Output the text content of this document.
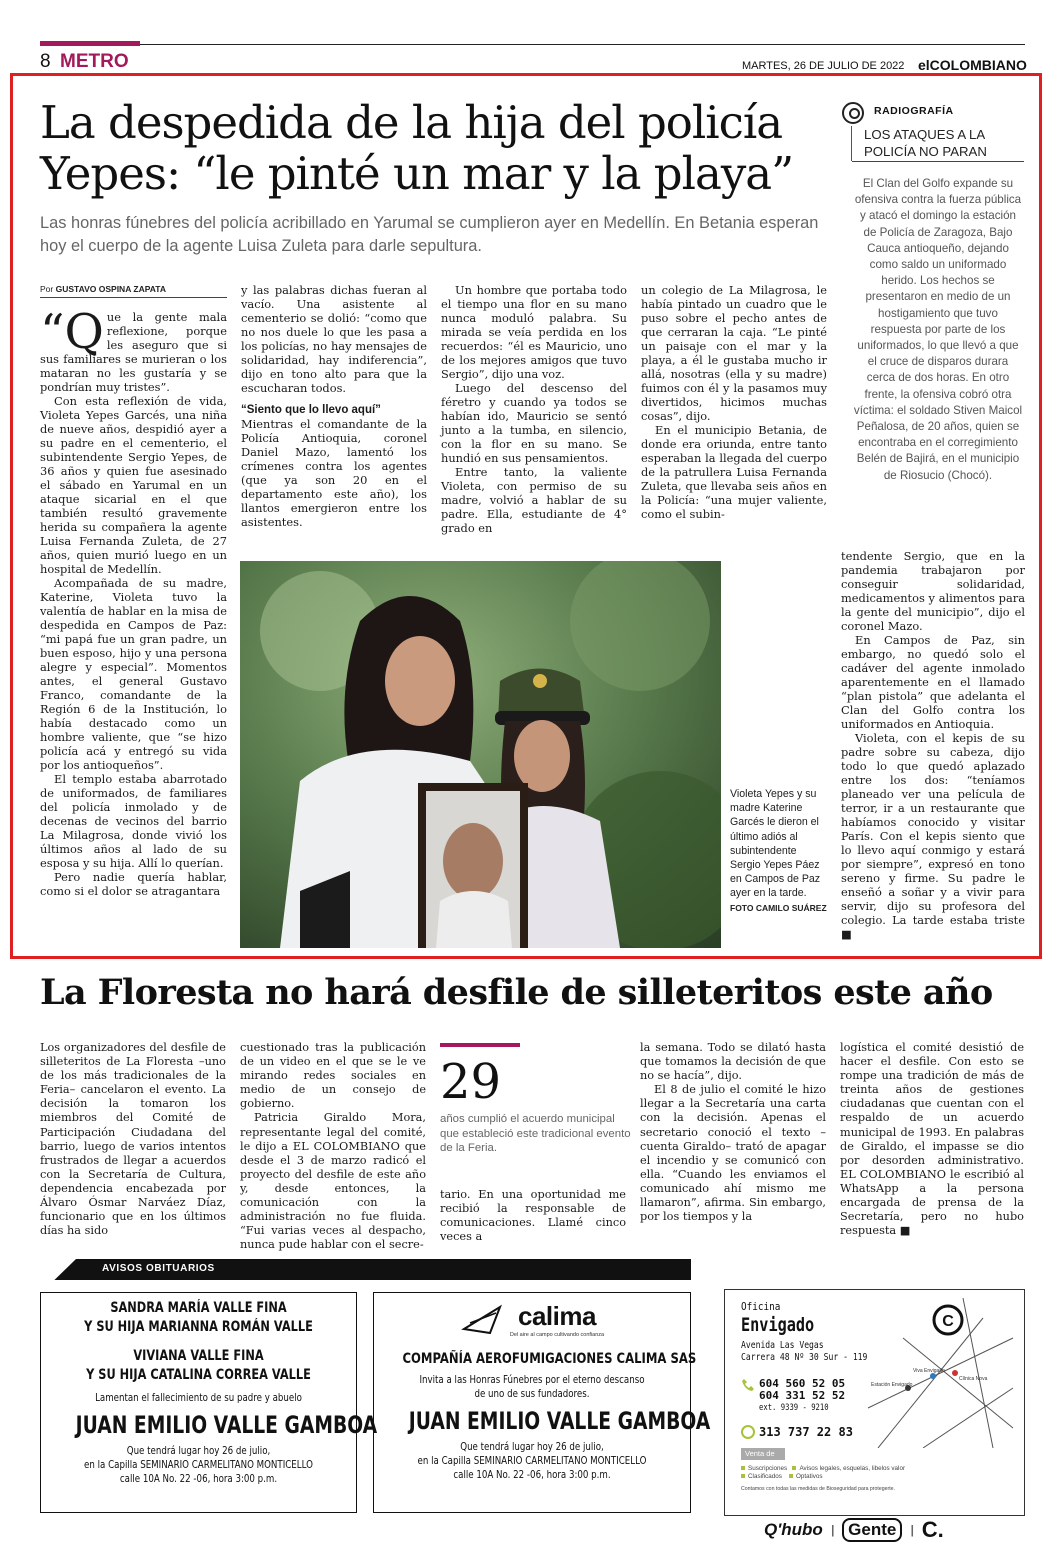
8 METRO	MARTES, 26 DE JULIO DE 2022 elCOLOMBIANO
La despedida de la hija del policía Yepes: “le pinté un mar y la playa”
Las honras fúnebres del policía acribillado en Yarumal se cumplieron ayer en Medellín. En Betania esperan hoy el cuerpo de la agente Luisa Zuleta para darle sepultura.
Por GUSTAVO OSPINA ZAPATA

“Que la gente mala reflexione, porque les aseguro que si sus familiares se murieran o los mataran no les gustaría y se pondrían muy tristes”.

Con esta reflexión de vida, Violeta Yepes Garcés, una niña de nueve años, despidió ayer a su padre en el cementerio, el subintendente Sergio Yepes, de 36 años y quien fue asesinado el sábado en Yarumal en un ataque sicarial en el que también resultó gravemente herida su compañera la agente Luisa Fernanda Zuleta, de 27 años, quien murió luego en un hospital de Medellín.

Acompañada de su madre, Katerine, Violeta tuvo la valentía de hablar en la misa de despedida en Campos de Paz: “mi papá fue un gran padre, un buen esposo, hijo y una persona alegre y especial”. Momentos antes, el general Gustavo Franco, comandante de la Región 6 de la Institución, lo había destacado como un hombre valiente, que “se hizo policía acá y entregó su vida por los antioqueños”.

El templo estaba abarrotado de uniformados, de familiares del policía inmolado y de decenas de vecinos del barrio La Milagrosa, donde vivió los últimos años al lado de su esposa y su hija. Allí lo querían.

Pero nadie quería hablar, como si el dolor se atragantara

y las palabras dichas fueran al vacío. Una asistente al cementerio se dolió: “como que no nos duele lo que les pasa a los policías, no hay mensajes de solidaridad, hay indiferencia”, dijo en tono alto para que la escucharan todos.

“Siento que lo llevo aquí”

Mientras el comandante de la Policía Antioquia, coronel Daniel Mazo, lamentó los crímenes contra los agentes (que ya son 20 en el departamento este año), los llantos emergieron entre los asistentes.

Un hombre que portaba todo el tiempo una flor en su mano nunca moduló palabra. Su mirada se veía perdida en los recuerdos: “él es Mauricio, uno de los mejores amigos que tuvo Sergio”, dijo una voz.

Luego del descenso del féretro y cuando ya todos se habían ido, Mauricio se sentó junto a la tumba, en silencio, con la flor en su mano. Se hundió en sus pensamientos.

Entre tanto, la valiente Violeta, con permiso de su madre, volvió a hablar de su padre. Ella, estudiante de 4° grado en

un colegio de La Milagrosa, le había pintado un cuadro que le puso sobre el pecho antes de que cerraran la caja. “Le pinté un paisaje con el mar y la playa, a él le gustaba mucho ir allá, nosotras (ella y su madre) fuimos con él y la pasamos muy divertidos, hicimos muchas cosas”, dijo.

En el municipio Betania, de donde era oriunda, entre tanto esperaban la llegada del cuerpo de la patrullera Luisa Fernanda Zuleta, que llevaba seis años en la Policía: “una mujer valiente, como el subin-

tendente Sergio, que en la pandemia trabajaron por conseguir solidaridad, medicamentos y alimentos para la gente del municipio”, dijo el coronel Mazo.

En Campos de Paz, sin embargo, no quedó solo el cadáver del agente inmolado aparentemente en el llamado “plan pistola” que adelanta el Clan del Golfo contra los uniformados en Antioquia.

Violeta, con el kepis de su padre sobre su cabeza, dijo todo lo que quedó aplazado entre los dos: “teníamos planeado ver una película de terror, ir a un restaurante que habíamos conocido y visitar París. Con el kepis siento que lo llevo aquí conmigo y estará por siempre”, expresó en tono sereno y firme. Su padre le enseñó a soñar y a vivir para servir, dijo su profesora del colegio. La tarde estaba triste ■

RADIOGRAFÍA
LOS ATAQUES A LA POLICÍA NO PARAN
El Clan del Golfo expande su ofensiva contra la fuerza pública y atacó el domingo la estación de Policía de Zaragoza, Bajo Cauca antioqueño, dejando como saldo un uniformado herido. Los hechos se presentaron en medio de un hostigamiento que tuvo respuesta por parte de los uniformados, lo que llevó a que el cruce de disparos durara cerca de dos horas. En otro frente, la ofensiva cobró otra víctima: el soldado Stiven Maicol Peñalosa, de 20 años, quien se encontraba en el corregimiento Belén de Bajirá, en el municipio de Riosucio (Chocó).
Violeta Yepes y su madre Katerine Garcés le dieron el último adiós al subintendente Sergio Yepes Páez en Campos de Paz ayer en la tarde. FOTO CAMILO SUÁREZ
La Floresta no hará desfile de silleteritos este año

Los organizadores del desfile de silleteritos de La Floresta –uno de los más tradicionales de la Feria– cancelaron el evento. La decisión la tomaron los miembros del Comité de Participación Ciudadana del barrio, luego de varios intentos frustrados de llegar a acuerdos con la Secretaría de Cultura, dependencia encabezada por Álvaro Ósmar Narváez Díaz, funcionario que en los últimos días ha sido

cuestionado tras la publicación de un video en el que se le ve mirando redes sociales en medio de un consejo de gobierno.

Patricia Giraldo Mora, representante legal del comité, le dijo a EL COLOMBIANO que desde el 3 de marzo radicó el proyecto del desfile de este año y, desde entonces, la comunicación con la administración no fue fluida. “Fui varias veces al despacho, nunca pude hablar con el secre-

29
años cumplió el acuerdo municipal que estableció este tradicional evento de la Feria.

tario. En una oportunidad me recibió la responsable de comunicaciones. Llamé cinco veces a

la semana. Todo se dilató hasta que tomamos la decisión de que no se hacía”, dijo.

El 8 de julio el comité le hizo llegar a la Secretaría una carta con la decisión. Apenas el secretario conoció el texto –cuenta Giraldo– trató de apagar el incendio y se comunicó con ella. “Cuando les enviamos el comunicado ahí mismo me llamaron”, afirma. Sin embargo, por los tiempos y la

logística el comité desistió de hacer el desfile. Con esto se rompe una tradición de más de treinta años de gestiones ciudadanas que cuentan con el respaldo de un acuerdo municipal de 1993. En palabras de Giraldo, el impasse se dio por desorden administrativo. EL COLOMBIANO le escribió al WhatsApp a la persona encargada de prensa de la Secretaría, pero no hubo respuesta ■

AVISOS OBITUARIOS
SANDRA MARÍA VALLE FINA
Y SU HIJA MARIANNA ROMÁN VALLE
VIVIANA VALLE FINA
Y SU HIJA CATALINA CORREA VALLE
Lamentan el fallecimiento de su padre y abuelo
JUAN EMILIO VALLE GAMBOA
Que tendrá lugar hoy 26 de julio,
en la Capilla SEMINARIO CARMELITANO MONTICELLO
calle 10A No. 22 -06, hora 3:00 p.m.
calima
Del aire al campo cultivando confianza
COMPAÑÍA AEROFUMIGACIONES CALIMA SAS
Invita a las Honras Fúnebres por el eterno descanso
de uno de sus fundadores.
JUAN EMILIO VALLE GAMBOA
Que tendrá lugar hoy 26 de julio,
en la Capilla SEMINARIO CARMELITANO MONTICELLO
calle 10A No. 22 -06, hora 3:00 p.m.
Oficina
Envigado
Avenida Las Vegas
Carrera 48 Nº 30 Sur - 119
604 560 52 05
604 331 52 52
ext. 9339 - 9210
313 737 22 83
Venta de
Suscripciones Avisos legales, esquelas, libelos valor
Clasificados Optativos
Contamos con todas las medidas de Bioseguridad para protegerte.
C
Viva Envigado
Clínica Nova
Estación Envigado
Q'hubo | Gente	| C.
